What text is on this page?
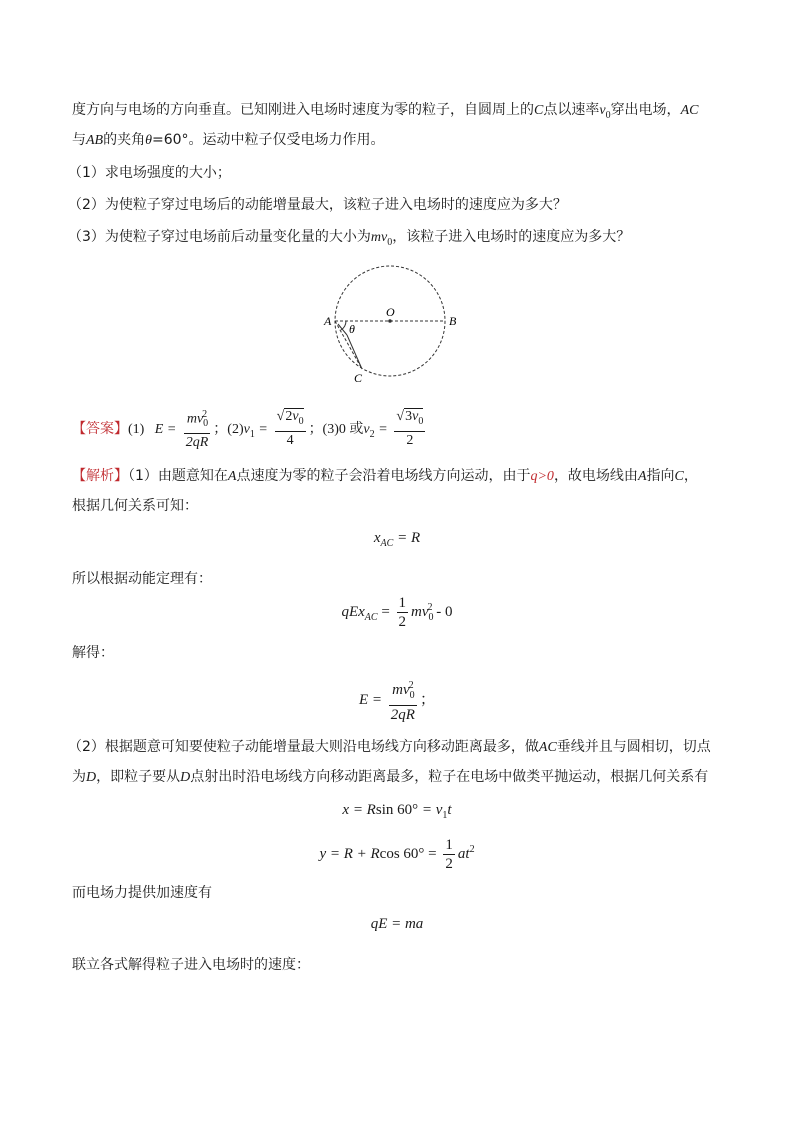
度方向与电场的方向垂直。已知刚进入电场时速度为零的粒子，自圆周上的C点以速率$v_0$穿出电场，AC
与AB的夹角θ=60°。运动中粒子仅受电场力作用。
（1）求电场强度的大小；
（2）为使粒子穿过电场后的动能增量最大，该粒子进入电场时的速度应为多大？
（3）为使粒子穿过电场前后动量变化量的大小为$mv_0$，该粒子进入电场时的速度应为多大？
O
A	B
θ
C
【答案】(1) $E = \frac{mv_0^2}{2qR}$ ；$(2)v_1 = \frac{√2v_0}{4}$ ；(3)0 或$v_2 = \frac{√3v_0}{2}$
【解析】（1）由题意知在A点速度为零的粒子会沿着电场线方向运动，由于q>0，故电场线由A指向C，
根据几何关系可知：
$x_{AC} = R$
所以根据动能定理有：
$qEx_{AC} = \frac{1}{2} mv_0^2 - 0$
解得：
$E = \frac{mv_0^2}{2qR}$ ；
（2）根据题意可知要使粒子动能增量最大则沿电场线方向移动距离最多，做AC垂线并且与圆相切，切点
为D，即粒子要从D点射出时沿电场线方向移动距离最多，粒子在电场中做类平抛运动，根据几何关系有
x = Rsin $60^\circ = v_1t$
y = R + Rcos $60^\circ = \frac{1}{2} at^2$
而电场力提供加速度有
qE = ma
联立各式解得粒子进入电场时的速度：
